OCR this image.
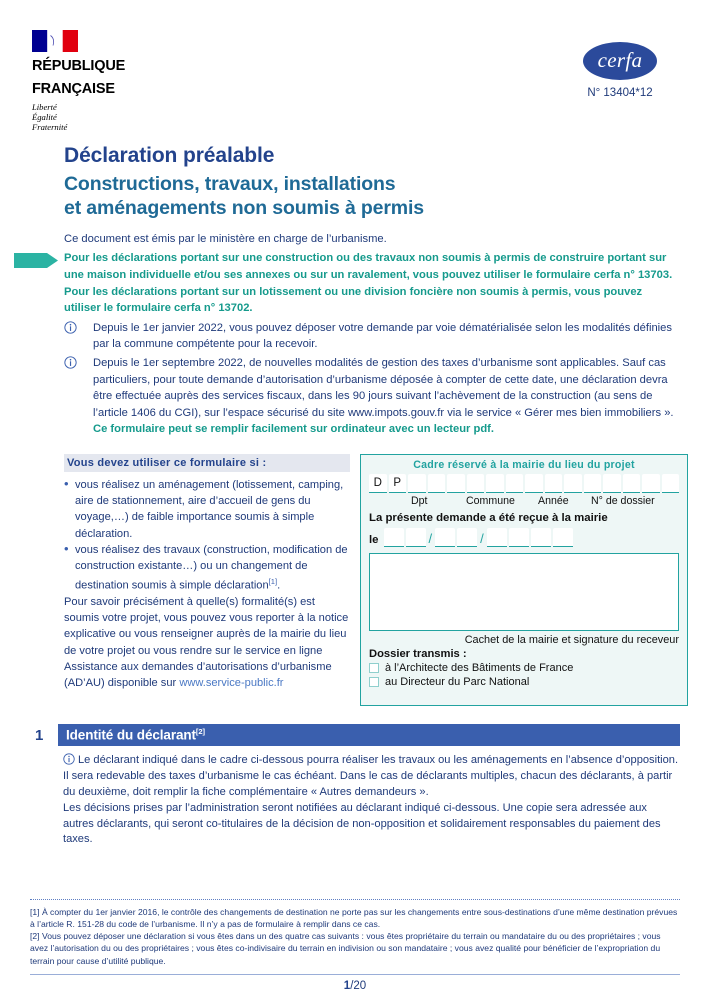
RÉPUBLIQUE
FRANÇAISE
Liberté
Égalité
Fraternité
cerfa
N° 13404*12
Déclaration préalable
Constructions, travaux, installations
et aménagements non soumis à permis
Ce document est émis par le ministère en charge de l’urbanisme.
Pour les déclarations portant sur une construction ou des travaux non soumis à permis de construire portant sur une maison individuelle et/ou ses annexes ou sur un ravalement, vous pouvez utiliser le formulaire cerfa n° 13703. Pour les déclarations portant sur un lotissement ou une division foncière non soumis à permis, vous pouvez utiliser le formulaire cerfa n° 13702.
Depuis le 1er janvier 2022, vous pouvez déposer votre demande par voie dématérialisée selon les modalités définies par la commune compétente pour la recevoir.
Depuis le 1er septembre 2022, de nouvelles modalités de gestion des taxes d’urbanisme sont applicables. Sauf cas particuliers, pour toute demande d’autorisation d’urbanisme déposée à compter de cette date, une déclaration devra être effectuée auprès des services fiscaux, dans les 90 jours suivant l’achèvement de la construction (au sens de l’article 1406 du CGI), sur l’espace sécurisé du site www.impots.gouv.fr via le service « Gérer mes bien immobiliers ».
Ce formulaire peut se remplir facilement sur ordinateur avec un lecteur pdf.
Vous devez utiliser ce formulaire si :
• vous réalisez un aménagement (lotissement, camping, aire de stationnement, aire d’accueil de gens du voyage,…) de faible importance soumis à simple déclaration.
• vous réalisez des travaux (construction, modification de construction existante…) ou un changement de destination soumis à simple déclaration[1].
Pour savoir précisément à quelle(s) formalité(s) est soumis votre projet, vous pouvez vous reporter à la notice explicative ou vous renseigner auprès de la mairie du lieu de votre projet ou vous rendre sur le service en ligne Assistance aux demandes d’autorisations d’urbanisme (AD’AU) disponible sur www.service-public.fr
Cadre réservé à la mairie du lieu du projet
D	P
Dpt	Commune Année N° de dossier
La présente demande a été reçue à la mairie
le	/	/
Cachet de la mairie et signature du receveur
Dossier transmis :
à l’Architecte des Bâtiments de France
au Directeur du Parc National
1	Identité du déclarant[2]

Le déclarant indiqué dans le cadre ci-dessous pourra réaliser les travaux ou les aménagements en l’absence d’opposition. Il sera redevable des taxes d’urbanisme le cas échéant. Dans le cas de déclarants multiples, chacun des déclarants, à partir du deuxième, doit remplir la fiche complémentaire « Autres demandeurs ».

Les décisions prises par l’administration seront notifiées au déclarant indiqué ci-dessous. Une copie sera adressée aux autres déclarants, qui seront co-titulaires de la décision de non-opposition et solidairement responsables du paiement des taxes.

[1] À compter du 1er janvier 2016, le contrôle des changements de destination ne porte pas sur les changements entre sous-destinations d’une même destination prévues à l’article R. 151-28 du code de l’urbanisme. Il n’y a pas de formulaire à remplir dans ce cas.
[2] Vous pouvez déposer une déclaration si vous êtes dans un des quatre cas suivants : vous êtes propriétaire du terrain ou mandataire du ou des propriétaires ; vous avez l’autorisation du ou des propriétaires ; vous êtes co-indivisaire du terrain en indivision ou son mandataire ; vous avez qualité pour bénéficier de l’expropriation du terrain pour cause d’utilité publique.
1/20
